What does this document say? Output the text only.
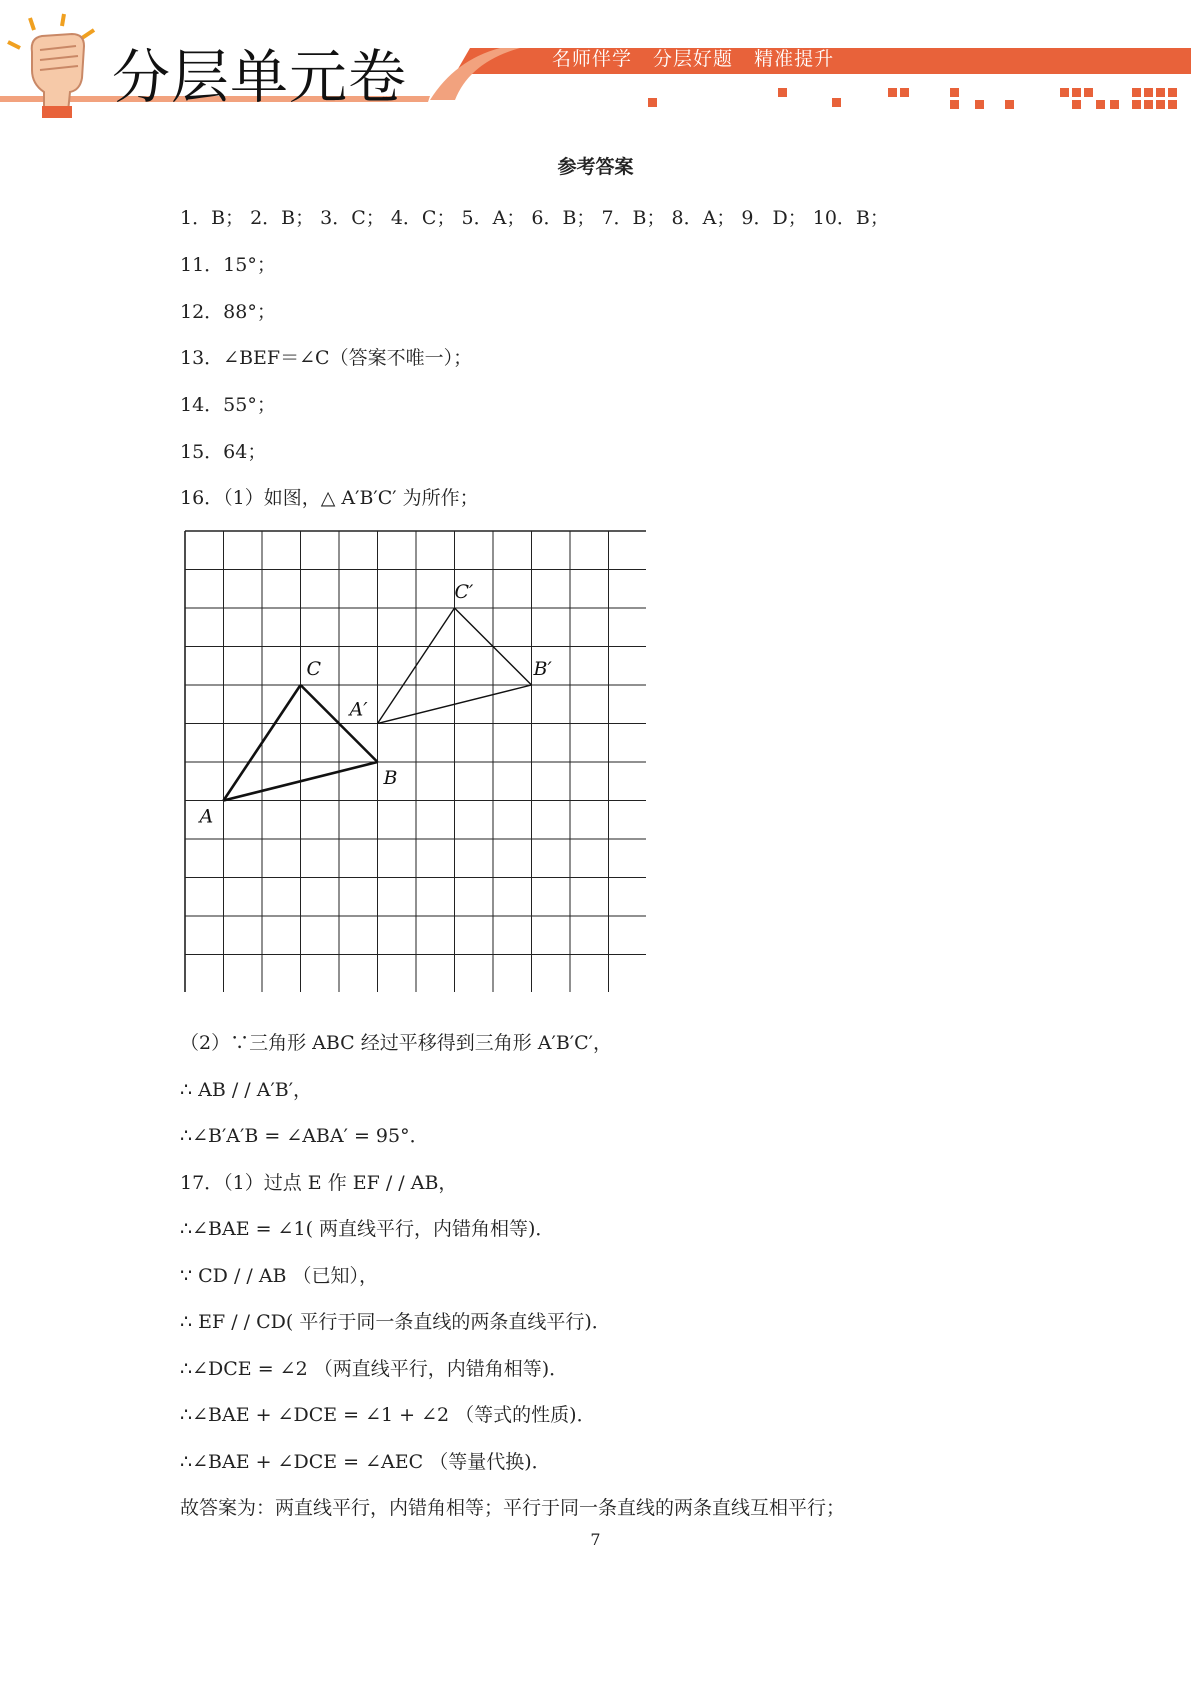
分层单元卷	名师伴学 分层好题 精准提升
参考答案
1．B； 2．B； 3．C； 4．C； 5．A； 6．B； 7．B； 8．A； 9．D； 10．B；
11．15°；
12．88°；
13．∠BEF＝∠C（答案不唯一）；
14．55°；
15．64；
16．（1）如图，△ A′B′C′ 为所作；
A
B
C
A′
B′
C′
（2）∵三角形 ABC 经过平移得到三角形 A′B′C′，
∴ AB / / A′B′，
∴∠B′A′B = ∠ABA′ = 95°．
17．（1）过点 E 作 EF / / AB，
∴∠BAE = ∠1( 两直线平行，内错角相等)．
∵ CD / / AB （已知），
∴ EF / / CD( 平行于同一条直线的两条直线平行)．
∴∠DCE = ∠2 （两直线平行，内错角相等)．
∴∠BAE + ∠DCE = ∠1 + ∠2 （等式的性质)．
∴∠BAE + ∠DCE = ∠AEC （等量代换)．
故答案为：两直线平行，内错角相等；平行于同一条直线的两条直线互相平行；
7
